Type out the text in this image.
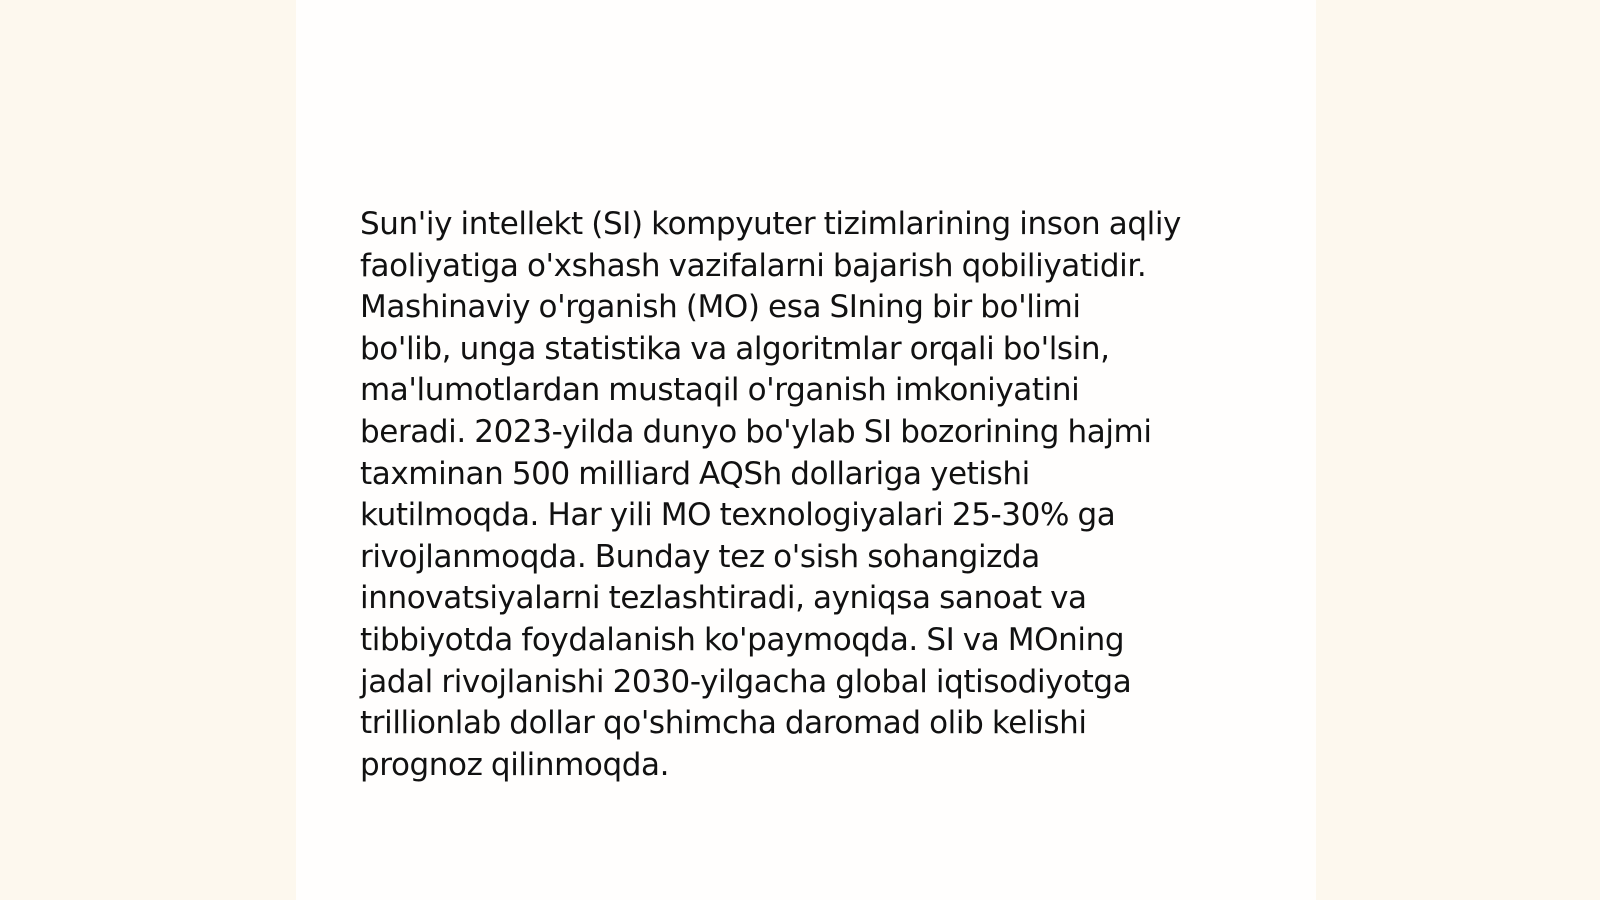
Sun'iy intellekt (SI) kompyuter tizimlarining inson aqliy
faoliyatiga o'xshash vazifalarni bajarish qobiliyatidir.
Mashinaviy o'rganish (MO) esa SIning bir bo'limi
bo'lib, unga statistika va algoritmlar orqali bo'lsin,
ma'lumotlardan mustaqil o'rganish imkoniyatini
beradi. 2023-yilda dunyo bo'ylab SI bozorining hajmi
taxminan 500 milliard AQSh dollariga yetishi
kutilmoqda. Har yili MO texnologiyalari 25-30% ga
rivojlanmoqda. Bunday tez o'sish sohangizda
innovatsiyalarni tezlashtiradi, ayniqsa sanoat va
tibbiyotda foydalanish ko'paymoqda. SI va MOning
jadal rivojlanishi 2030-yilgacha global iqtisodiyotga
trillionlab dollar qo'shimcha daromad olib kelishi
prognoz qilinmoqda.
